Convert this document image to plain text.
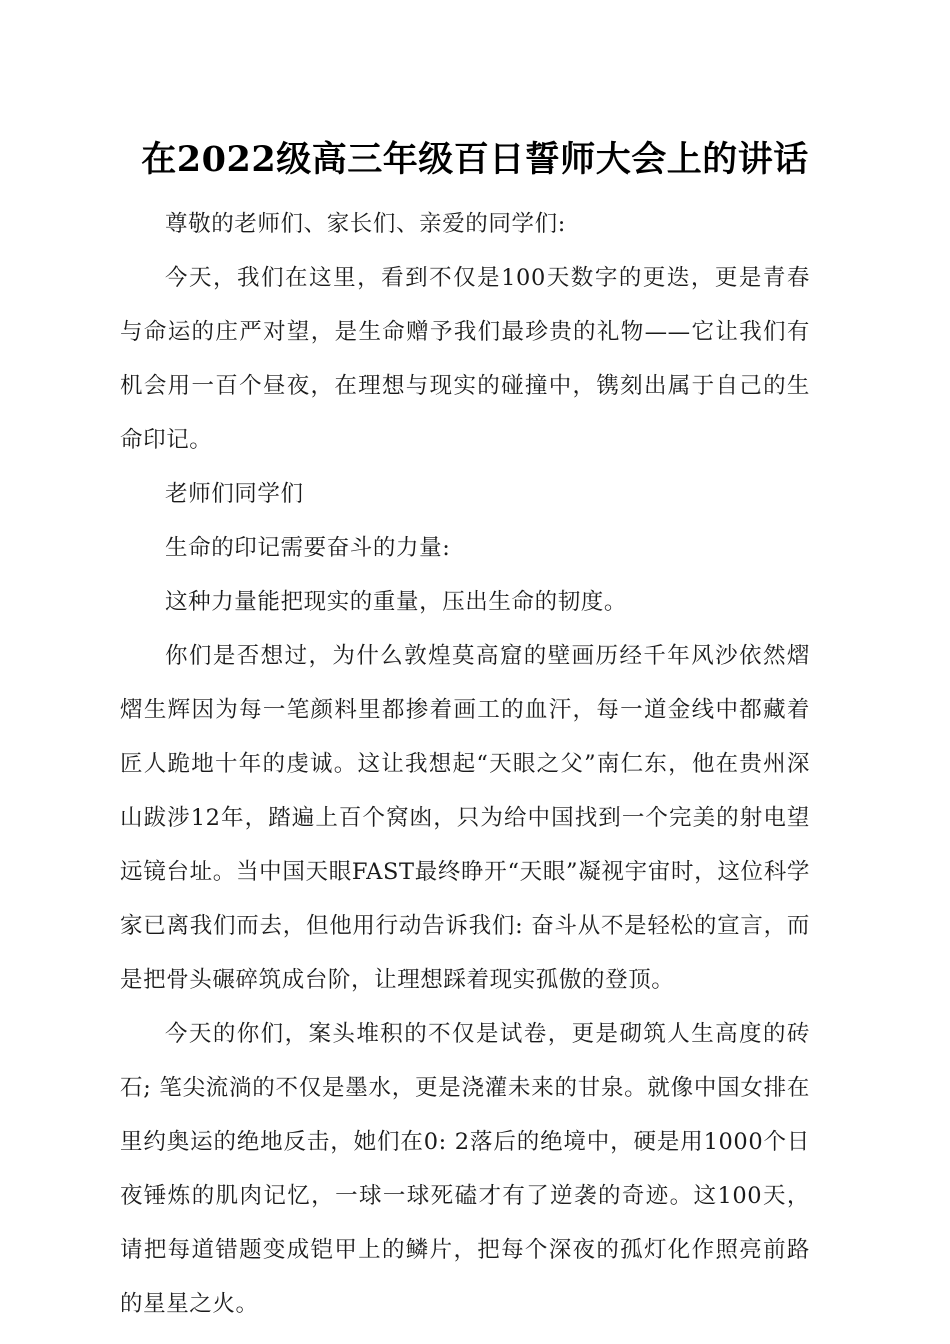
在2022级高三年级百日誓师大会上的讲话

尊敬的老师们、家长们、亲爱的同学们:

今天，我们在这里，看到不仅是100天数字的更迭，更是青春与命运的庄严对望，是生命赠予我们最珍贵的礼物——它让我们有机会用一百个昼夜，在理想与现实的碰撞中，镌刻出属于自己的生命印记。

老师们同学们

生命的印记需要奋斗的力量:

这种力量能把现实的重量，压出生命的韧度。

你们是否想过，为什么敦煌莫高窟的壁画历经千年风沙依然熠熠生辉因为每一笔颜料里都掺着画工的血汗，每一道金线中都藏着匠人跪地十年的虔诚。这让我想起“天眼之父”南仁东，他在贵州深山跋涉12年，踏遍上百个窝凼，只为给中国找到一个完美的射电望远镜台址。当中国天眼FAST最终睁开“天眼”凝视宇宙时，这位科学家已离我们而去，但他用行动告诉我们: 奋斗从不是轻松的宣言，而是把骨头碾碎筑成台阶，让理想踩着现实孤傲的登顶。

今天的你们，案头堆积的不仅是试卷，更是砌筑人生高度的砖石; 笔尖流淌的不仅是墨水，更是浇灌未来的甘泉。就像中国女排在里约奥运的绝地反击，她们在0: 2落后的绝境中，硬是用1000个日夜锤炼的肌肉记忆，一球一球死磕才有了逆袭的奇迹。这100天，请把每道错题变成铠甲上的鳞片，把每个深夜的孤灯化作照亮前路的星星之火。
